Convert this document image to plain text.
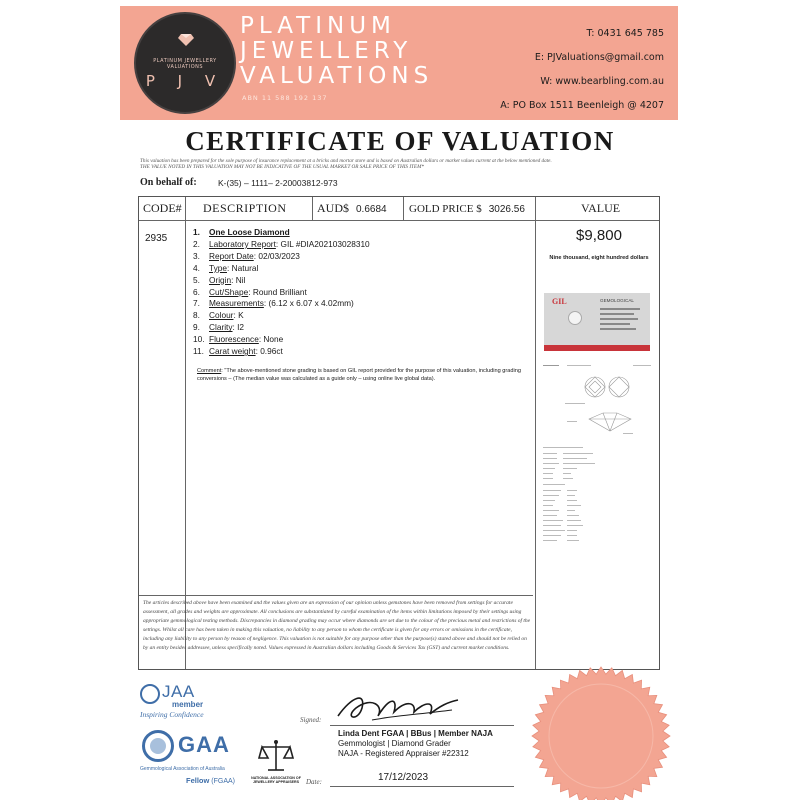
PLATINUM JEWELLERY VALUATIONS
P J V
PLATINUM
JEWELLERY
VALUATIONS
ABN 11 588 192 137
T: 0431 645 785
E: PJValuations@gmail.com
W: www.bearbling.com.au
A: PO Box 1511 Beenleigh @ 4207
CERTIFICATE OF VALUATION
This valuation has been prepared for the sole purpose of insurance replacement at a bricks and mortar store and is based on Australian dollars or market values current at the below mentioned date.
THE VALUE NOTED IN THIS VALUATION MAY NOT BE INDICATIVE OF THE USUAL MARKET OR SALE PRICE OF THIS ITEM*
On behalf of:	K-(35) – 1111– 2-20003812-973
CODE# DESCRIPTION	AUD$ 0.6684 GOLD PRICE $ 3026.56	VALUE
2935
1.	One Loose Diamond
2.	Laboratory Report : GIL #DIA202103028310
3.	Report Date : 02/03/2023
4.	Type : Natural
5.	Origin : Nil
6.	Cut/Shape : Round Brilliant
7.	Measurements : (6.12 x 6.07 x 4.02mm)
8.	Colour : K
9.	Clarity : I2
10. Fluorescence : None
11. Carat weight : 0.96ct
Comment: "The above-mentioned stone grading is based on GIL report provided for the purpose of this valuation, including grading conversions – (The median value was calculated as a guide only – using online live global data).
$9,800
Nine thousand, eight hundred dollars
GIL	GEMOLOGICAL
The articles described above have been examined and the values given are an expression of our opinion unless gemstones have been removed from settings for accurate assessment, all grades and weights are approximate. All conclusions are substantiated by careful examination of the items within limitations imposed by their settings using appropriate gemmological testing methods. Discrepancies in diamond grading may occur where diamonds are set due to the colour of the precious metal and restrictions of the settings. Whilst all care has been taken in making this valuation, no liability to any person to whom the certificate is given for any errors or omissions in the certificate, including any liability to any person by reason of negligence. This valuation is not suitable for any purpose other than the purpose(s) stated above and should not be relied on by an entity besides addressee, unless specifically noted. Values expressed in Australian dollars including Goods & Services Tax (GST) and current market conditions.
JAA
member
Inspiring Confidence
GAA
Gemmological Association of Australia
Fellow (FGAA)	NATIONAL ASSOCIATION OF JEWELLERY APPRAISERS
Signed:
Linda Dent FGAA | BBus | Member NAJA
Gemmologist | Diamond Grader
NAJA - Registered Appraiser #22312
Date:	17/12/2023
